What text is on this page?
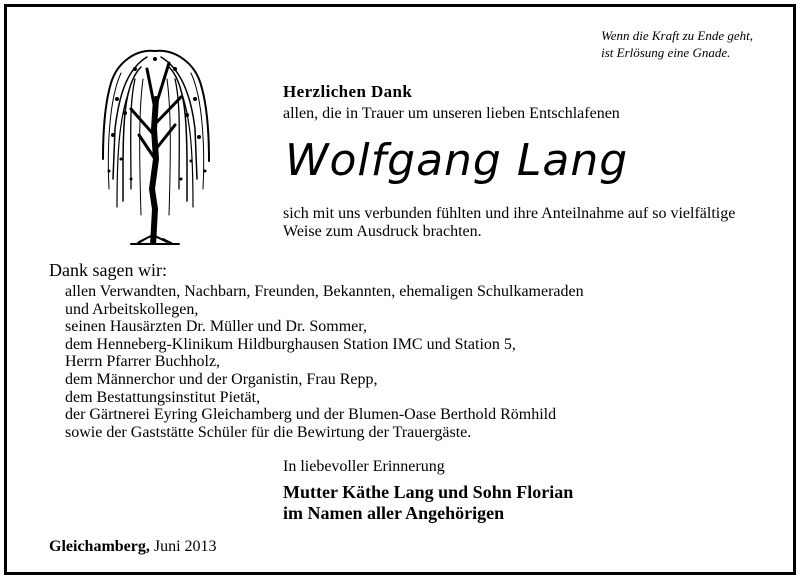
Wenn die Kraft zu Ende geht,
ist Erlösung eine Gnade.
Herzlichen Dank
allen, die in Trauer um unseren lieben Entschlafenen
Wolfgang Lang
sich mit uns verbunden fühlten und ihre Anteilnahme auf so vielfältige
Weise zum Ausdruck brachten.
Dank sagen wir:
allen Verwandten, Nachbarn, Freunden, Bekannten, ehemaligen Schulkameraden
und Arbeitskollegen,
seinen Hausärzten Dr. Müller und Dr. Sommer,
dem Henneberg-Klinikum Hildburghausen Station IMC und Station 5,
Herrn Pfarrer Buchholz,
dem Männerchor und der Organistin, Frau Repp,
dem Bestattungsinstitut Pietät,
der Gärtnerei Eyring Gleichamberg und der Blumen-Oase Berthold Römhild
sowie der Gaststätte Schüler für die Bewirtung der Trauergäste.
In liebevoller Erinnerung
Mutter Käthe Lang und Sohn Florian
im Namen aller Angehörigen
Gleichamberg, Juni 2013
